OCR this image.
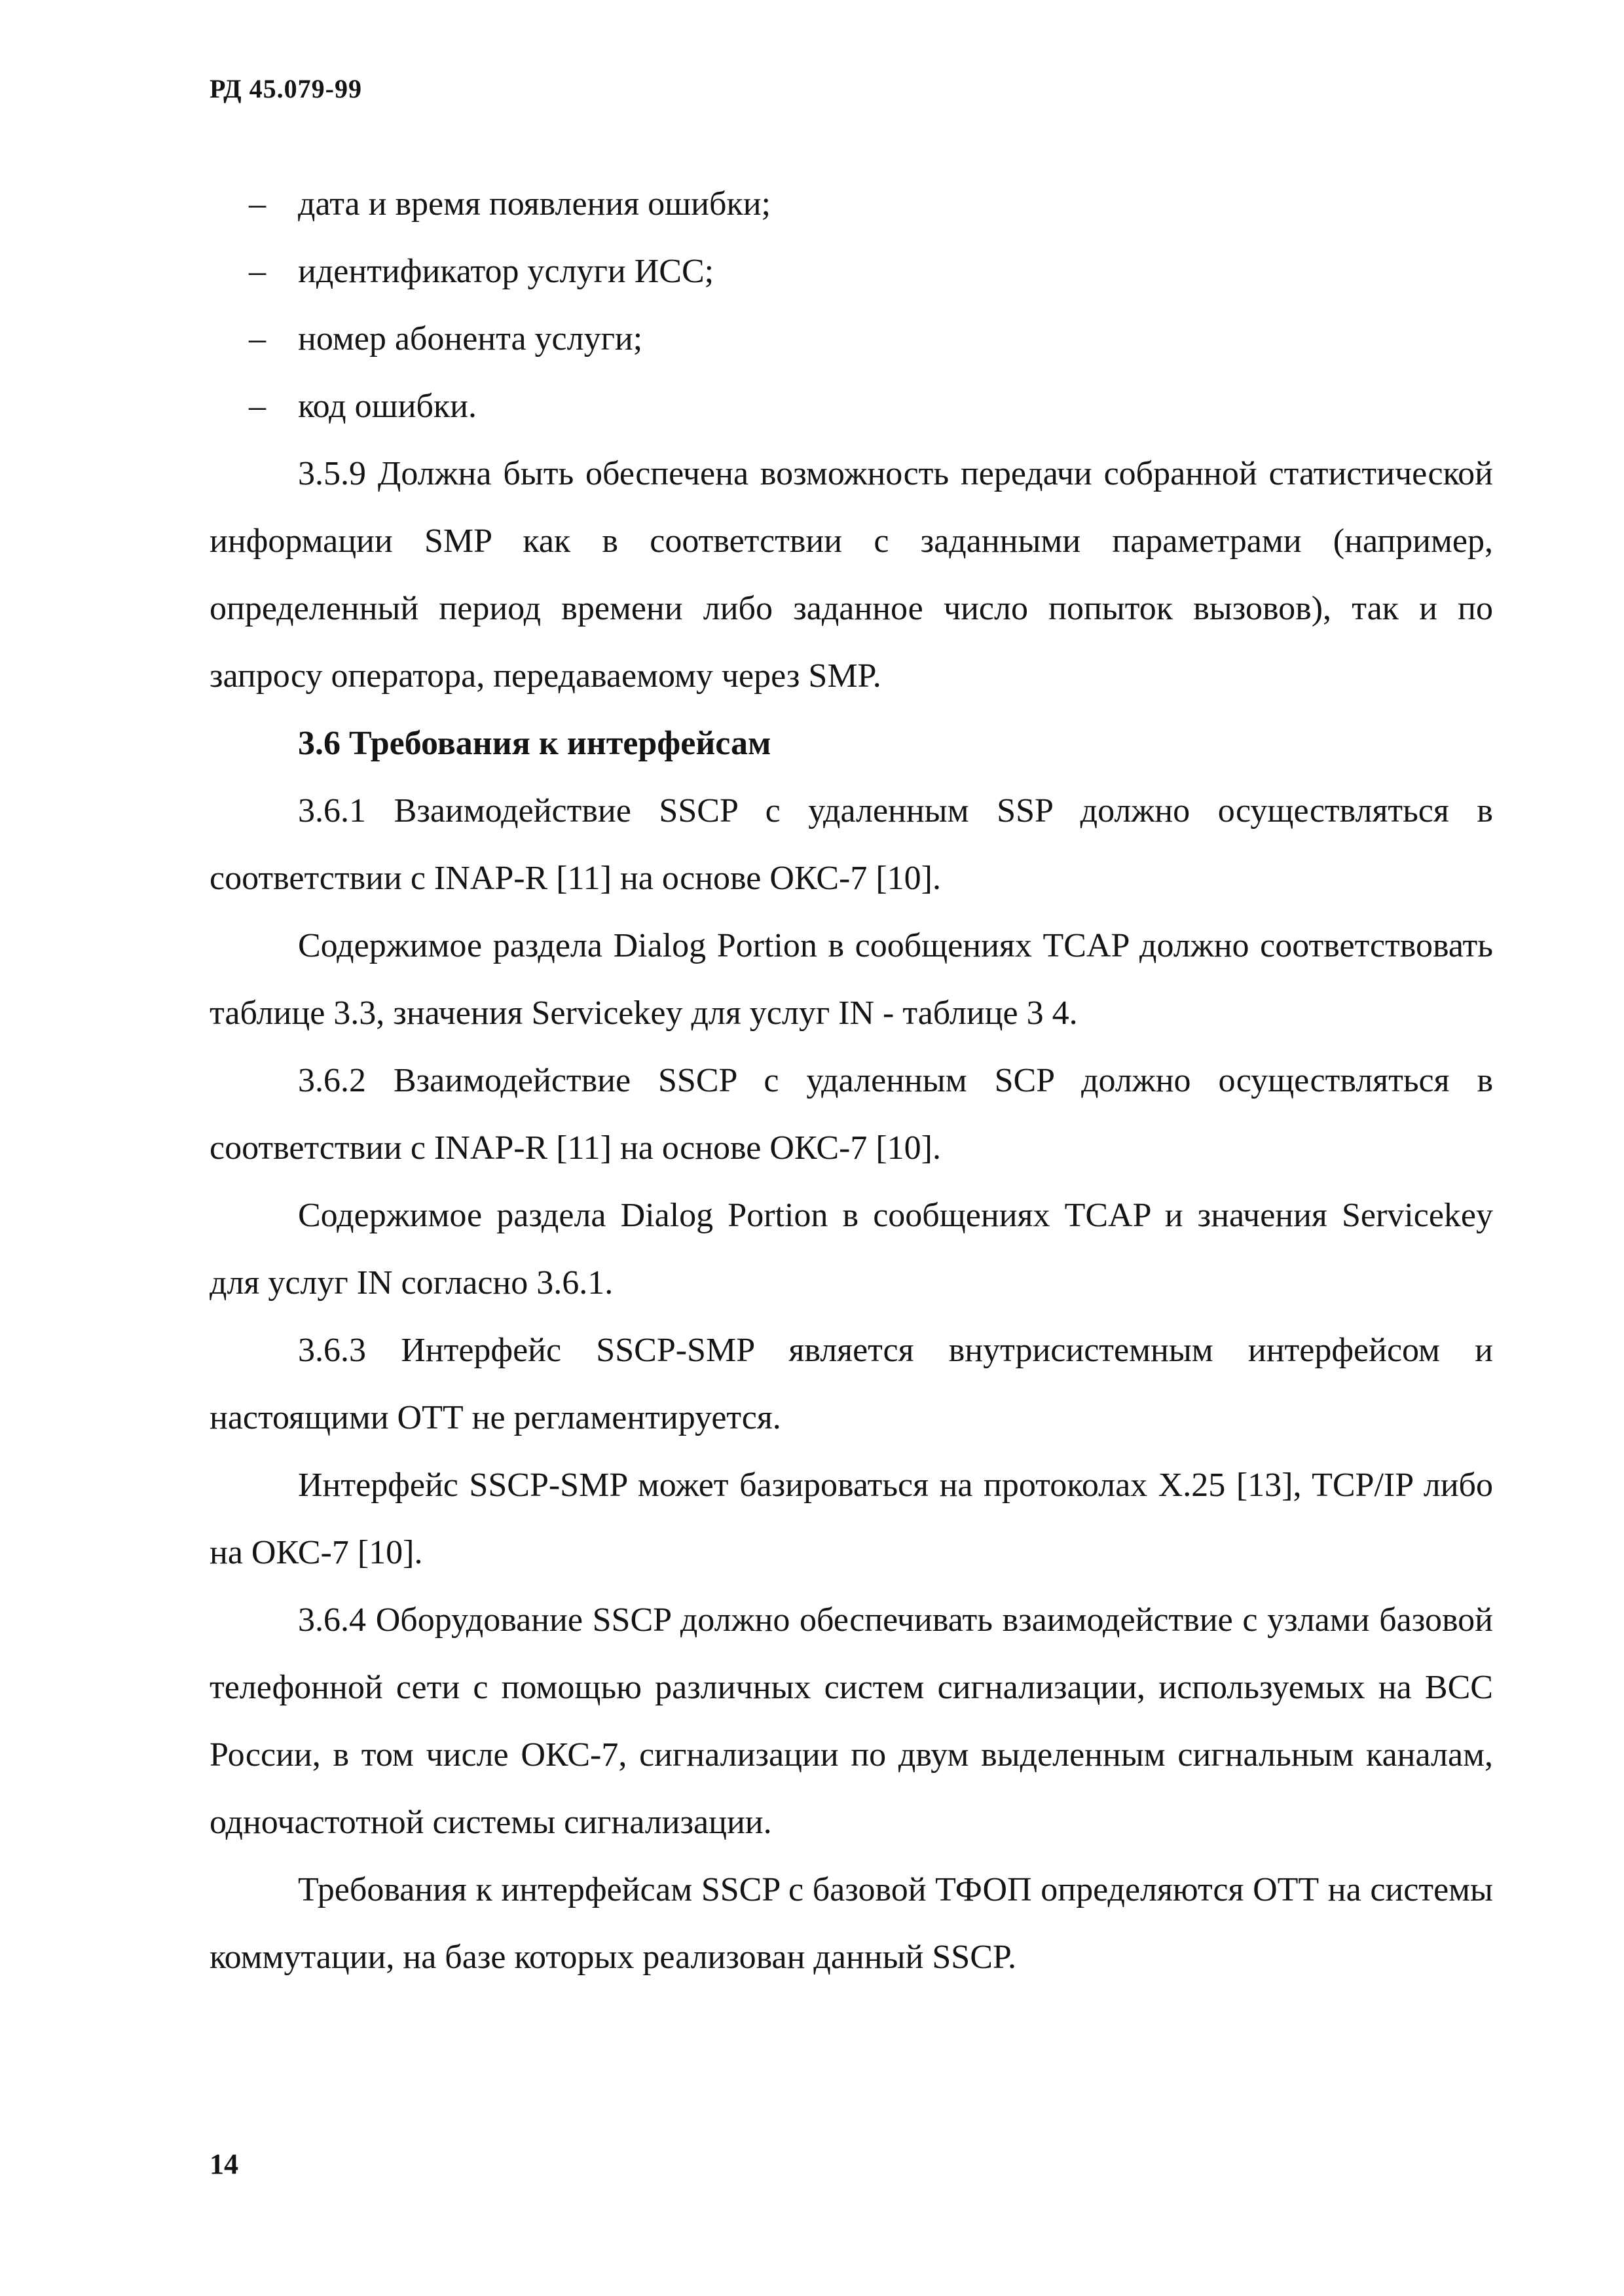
РД 45.079-99
– дата и время появления ошибки;
– идентификатор услуги ИСС;
– номер абонента услуги;
– код ошибки.

3.5.9 Должна быть обеспечена возможность передачи собранной статистической информации SMP как в соответствии с заданными параметрами (например, определенный период времени либо заданное число попыток вызовов), так и по запросу оператора, передаваемому через SMP.

3.6 Требования к интерфейсам

3.6.1 Взаимодействие SSCP с удаленным SSP должно осуществляться в соответствии с INAP-R [11] на основе ОКС-7 [10].

Содержимое раздела Dialog Portion в сообщениях TCAP должно соответствовать таблице 3.3, значения Servicekey для услуг IN - таблице 3 4.

3.6.2 Взаимодействие SSCP с удаленным SCP должно осуществляться в соответствии с INAP-R [11] на основе ОКС-7 [10].

Содержимое раздела Dialog Portion в сообщениях TCAP и значения Servicekey для услуг IN согласно 3.6.1.

3.6.3 Интерфейс SSCP-SMP является внутрисистемным интерфейсом и настоящими ОТТ не регламентируется.

Интерфейс SSCP-SMP может базироваться на протоколах X.25 [13], TCP/IP либо на ОКС-7 [10].

3.6.4 Оборудование SSCP должно обеспечивать взаимодействие с узлами базовой телефонной сети с помощью различных систем сигнализации, используемых на ВСС России, в том числе ОКС-7, сигнализации по двум выделенным сигнальным каналам, одночастотной системы сигнализации.

Требования к интерфейсам SSCP с базовой ТФОП определяются ОТТ на системы коммутации, на базе которых реализован данный SSCP.

14
